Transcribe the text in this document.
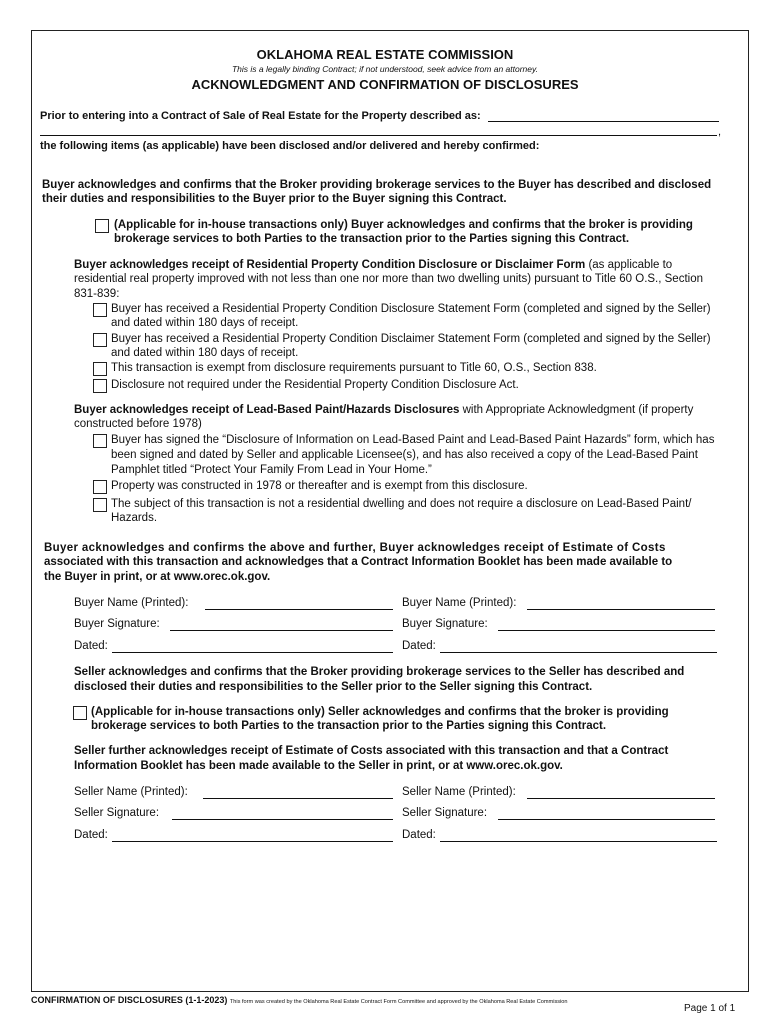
OKLAHOMA REAL ESTATE COMMISSION
This is a legally binding Contract; if not understood, seek advice from an attorney.
ACKNOWLEDGMENT AND CONFIRMATION OF DISCLOSURES
Prior to entering into a Contract of Sale of Real Estate for the Property described as:
,
the following items (as applicable) have been disclosed and/or delivered and hereby confirmed:
Buyer acknowledges and confirms that the Broker providing brokerage services to the Buyer has described and disclosed
their duties and responsibilities to the Buyer prior to the Buyer signing this Contract.
(Applicable for in-house transactions only) Buyer acknowledges and confirms that the broker is providing
brokerage services to both Parties to the transaction prior to the Parties signing this Contract.
Buyer acknowledges receipt of Residential Property Condition Disclosure or Disclaimer Form (as applicable to
residential real property improved with not less than one nor more than two dwelling units) pursuant to Title 60 O.S., Section
831-839:
Buyer has received a Residential Property Condition Disclosure Statement Form (completed and signed by the Seller)
and dated within 180 days of receipt.
Buyer has received a Residential Property Condition Disclaimer Statement Form (completed and signed by the Seller)
and dated within 180 days of receipt.
This transaction is exempt from disclosure requirements pursuant to Title 60, O.S., Section 838.
Disclosure not required under the Residential Property Condition Disclosure Act.
Buyer acknowledges receipt of Lead-Based Paint/Hazards Disclosures with Appropriate Acknowledgment (if property
constructed before 1978)
Buyer has signed the “Disclosure of Information on Lead-Based Paint and Lead-Based Paint Hazards” form, which has
been signed and dated by Seller and applicable Licensee(s), and has also received a copy of the Lead-Based Paint
Pamphlet titled “Protect Your Family From Lead in Your Home.”
Property was constructed in 1978 or thereafter and is exempt from this disclosure.
The subject of this transaction is not a residential dwelling and does not require a disclosure on Lead-Based Paint/
Hazards.
Buyer acknowledges and confirms the above and further, Buyer acknowledges receipt of Estimate of Costs
associated with this transaction and acknowledges that a Contract Information Booklet has been made available to
the Buyer in print, or at www.orec.ok.gov.
Buyer Name (Printed):	Buyer Name (Printed):
Buyer Signature:	Buyer Signature:
Dated:	Dated:
Seller acknowledges and confirms that the Broker providing brokerage services to the Seller has described and
disclosed their duties and responsibilities to the Seller prior to the Seller signing this Contract.
(Applicable for in-house transactions only) Seller acknowledges and confirms that the broker is providing
brokerage services to both Parties to the transaction prior to the Parties signing this Contract.
Seller further acknowledges receipt of Estimate of Costs associated with this transaction and that a Contract
Information Booklet has been made available to the Seller in print, or at www.orec.ok.gov.
Seller Name (Printed):	Seller Name (Printed):
Seller Signature:	Seller Signature:
Dated:	Dated:
CONFIRMATION OF DISCLOSURES (1-1-2023) This form was created by the Oklahoma Real Estate Contract Form Committee and approved by the Oklahoma Real Estate Commission
Page 1 of 1
